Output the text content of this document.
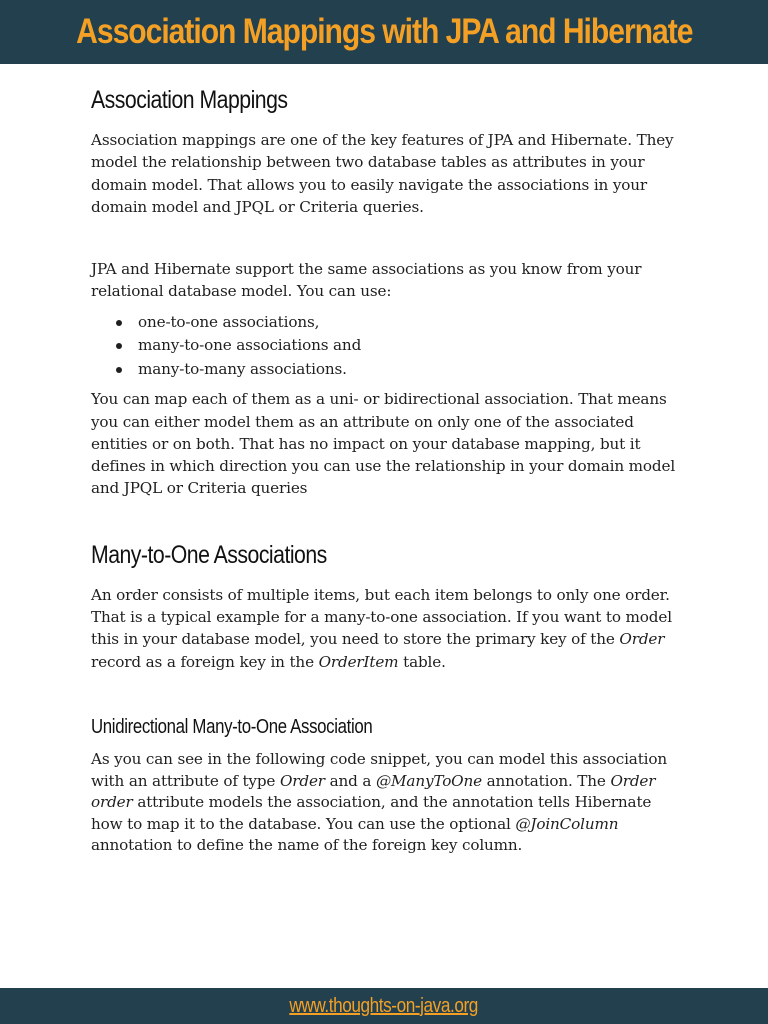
Association Mappings with JPA and Hibernate
Association Mappings

Association mappings are one of the key features of JPA and Hibernate. They model the relationship between two database tables as attributes in your domain model. That allows you to easily navigate the associations in your domain model and JPQL or Criteria queries.

JPA and Hibernate support the same associations as you know from your relational database model. You can use:

one-to-one associations,
many-to-one associations and
many-to-many associations.

You can map each of them as a uni- or bidirectional association. That means you can either model them as an attribute on only one of the associated entities or on both. That has no impact on your database mapping, but it defines in which direction you can use the relationship in your domain model and JPQL or Criteria queries

Many-to-One Associations

An order consists of multiple items, but each item belongs to only one order. That is a typical example for a many-to-one association. If you want to model this in your database model, you need to store the primary key of the Order record as a foreign key in the OrderItem table.

Unidirectional Many-to-One Association

As you can see in the following code snippet, you can model this association with an attribute of type Order and a @ManyToOne annotation. The Order order attribute models the association, and the annotation tells Hibernate how to map it to the database. You can use the optional @JoinColumn annotation to define the name of the foreign key column.

www.thoughts-on-java.org
